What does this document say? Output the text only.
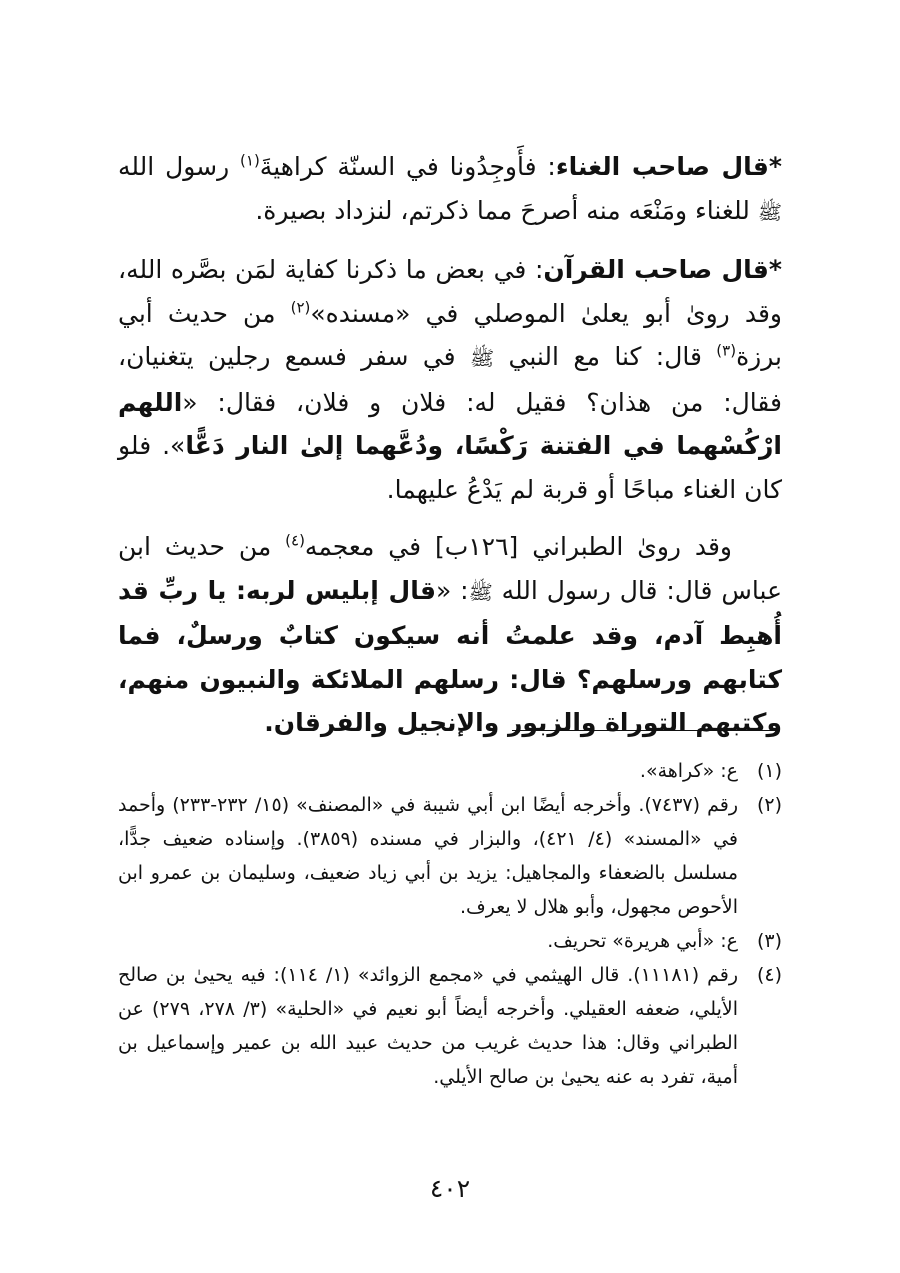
*قال صاحب الغناء: فأَوجِدُونا في السنّة كراهيةَ$^{(١)}$ رسول الله ﷺ للغناء ومَنْعَه منه أصرحَ مما ذكرتم، لنزداد بصيرة.

*قال صاحب القرآن: في بعض ما ذكرنا كفاية لمَن بصَّره الله، وقد روىٰ أبو يعلىٰ الموصلي في «مسنده»$^{(٢)}$ من حديث أبي برزة$^{(٣)}$ قال: كنا مع النبي ﷺ في سفر فسمع رجلين يتغنيان، فقال: من هذان؟ فقيل له: فلان و فلان، فقال: «اللهم ارْكُسْهما في الفتنة رَكْسًا، ودُعَّهما إلىٰ النار دَعًّا». فلو كان الغناء مباحًا أو قربة لم يَدْعُ عليهما.

وقد روىٰ الطبراني [١٢٦ب] في معجمه$^{(٤)}$ من حديث ابن عباس قال: قال رسول الله ﷺ: «قال إبليس لربه: يا ربِّ قد أُهبِط آدم، وقد علمتُ أنه سيكون كتابٌ ورسلٌ، فما كتابهم ورسلهم؟ قال: رسلهم الملائكة والنبيون منهم، وكتبهم التوراة والزبور والإنجيل والفرقان.

(١)
ع: «كراهة».
(٢)
رقم (٧٤٣٧). وأخرجه أيضًا ابن أبي شيبة في «المصنف» (١٥/ ٢٣٢-٢٣٣) وأحمد في «المسند» (٤/ ٤٢١)، والبزار في مسنده (٣٨٥٩). وإسناده ضعيف جدًّا، مسلسل بالضعفاء والمجاهيل: يزيد بن أبي زياد ضعيف، وسليمان بن عمرو ابن الأحوص مجهول، وأبو هلال لا يعرف.
(٣)
ع: «أبي هريرة» تحريف.
(٤)
رقم (١١١٨١). قال الهيثمي في «مجمع الزوائد» (١/ ١١٤): فيه يحيىٰ بن صالح الأيلي، ضعفه العقيلي. وأخرجه أيضاً أبو نعيم في «الحلية» (٣/ ٢٧٨، ٢٧٩) عن الطبراني وقال: هذا حديث غريب من حديث عبيد الله بن عمير وإسماعيل بن أمية، تفرد به عنه يحيىٰ بن صالح الأيلي.
٤٠٢
